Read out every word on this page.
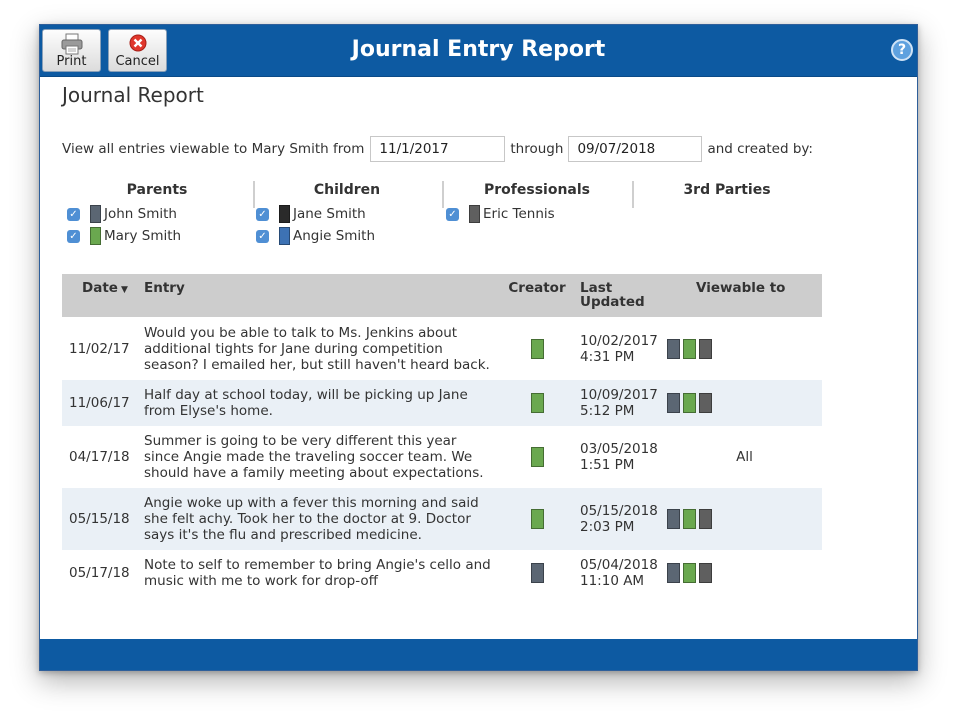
Print	Cancel	Journal Entry Report	?
Journal Report
View all entries viewable to Mary Smith from
11/1/2017	through
09/07/2018	and created by:
Parents
✓ John Smith
✓ Mary Smith
Children
✓ Jane Smith
✓ Angie Smith
Professionals
✓ Eric Tennis
3rd Parties
Date ▼	Entry	Creator	Last Updated	Viewable to
11/02/17	Would you be able to talk to Ms. Jenkins about additional tights for Jane during competition season? I emailed her, but still haven't heard back.		10/02/2017
4:31 PM	
11/06/17	Half day at school today, will be picking up Jane from Elyse's home.		10/09/2017
5:12 PM	
04/17/18	Summer is going to be very different this year since Angie made the traveling soccer team. We should have a family meeting about expectations.		03/05/2018
1:51 PM	All
05/15/18	Angie woke up with a fever this morning and said she felt achy. Took her to the doctor at 9. Doctor says it's the flu and prescribed medicine.		05/15/2018
2:03 PM	
05/17/18	Note to self to remember to bring Angie's cello and music with me to work for drop-off		05/04/2018
11:10 AM	
